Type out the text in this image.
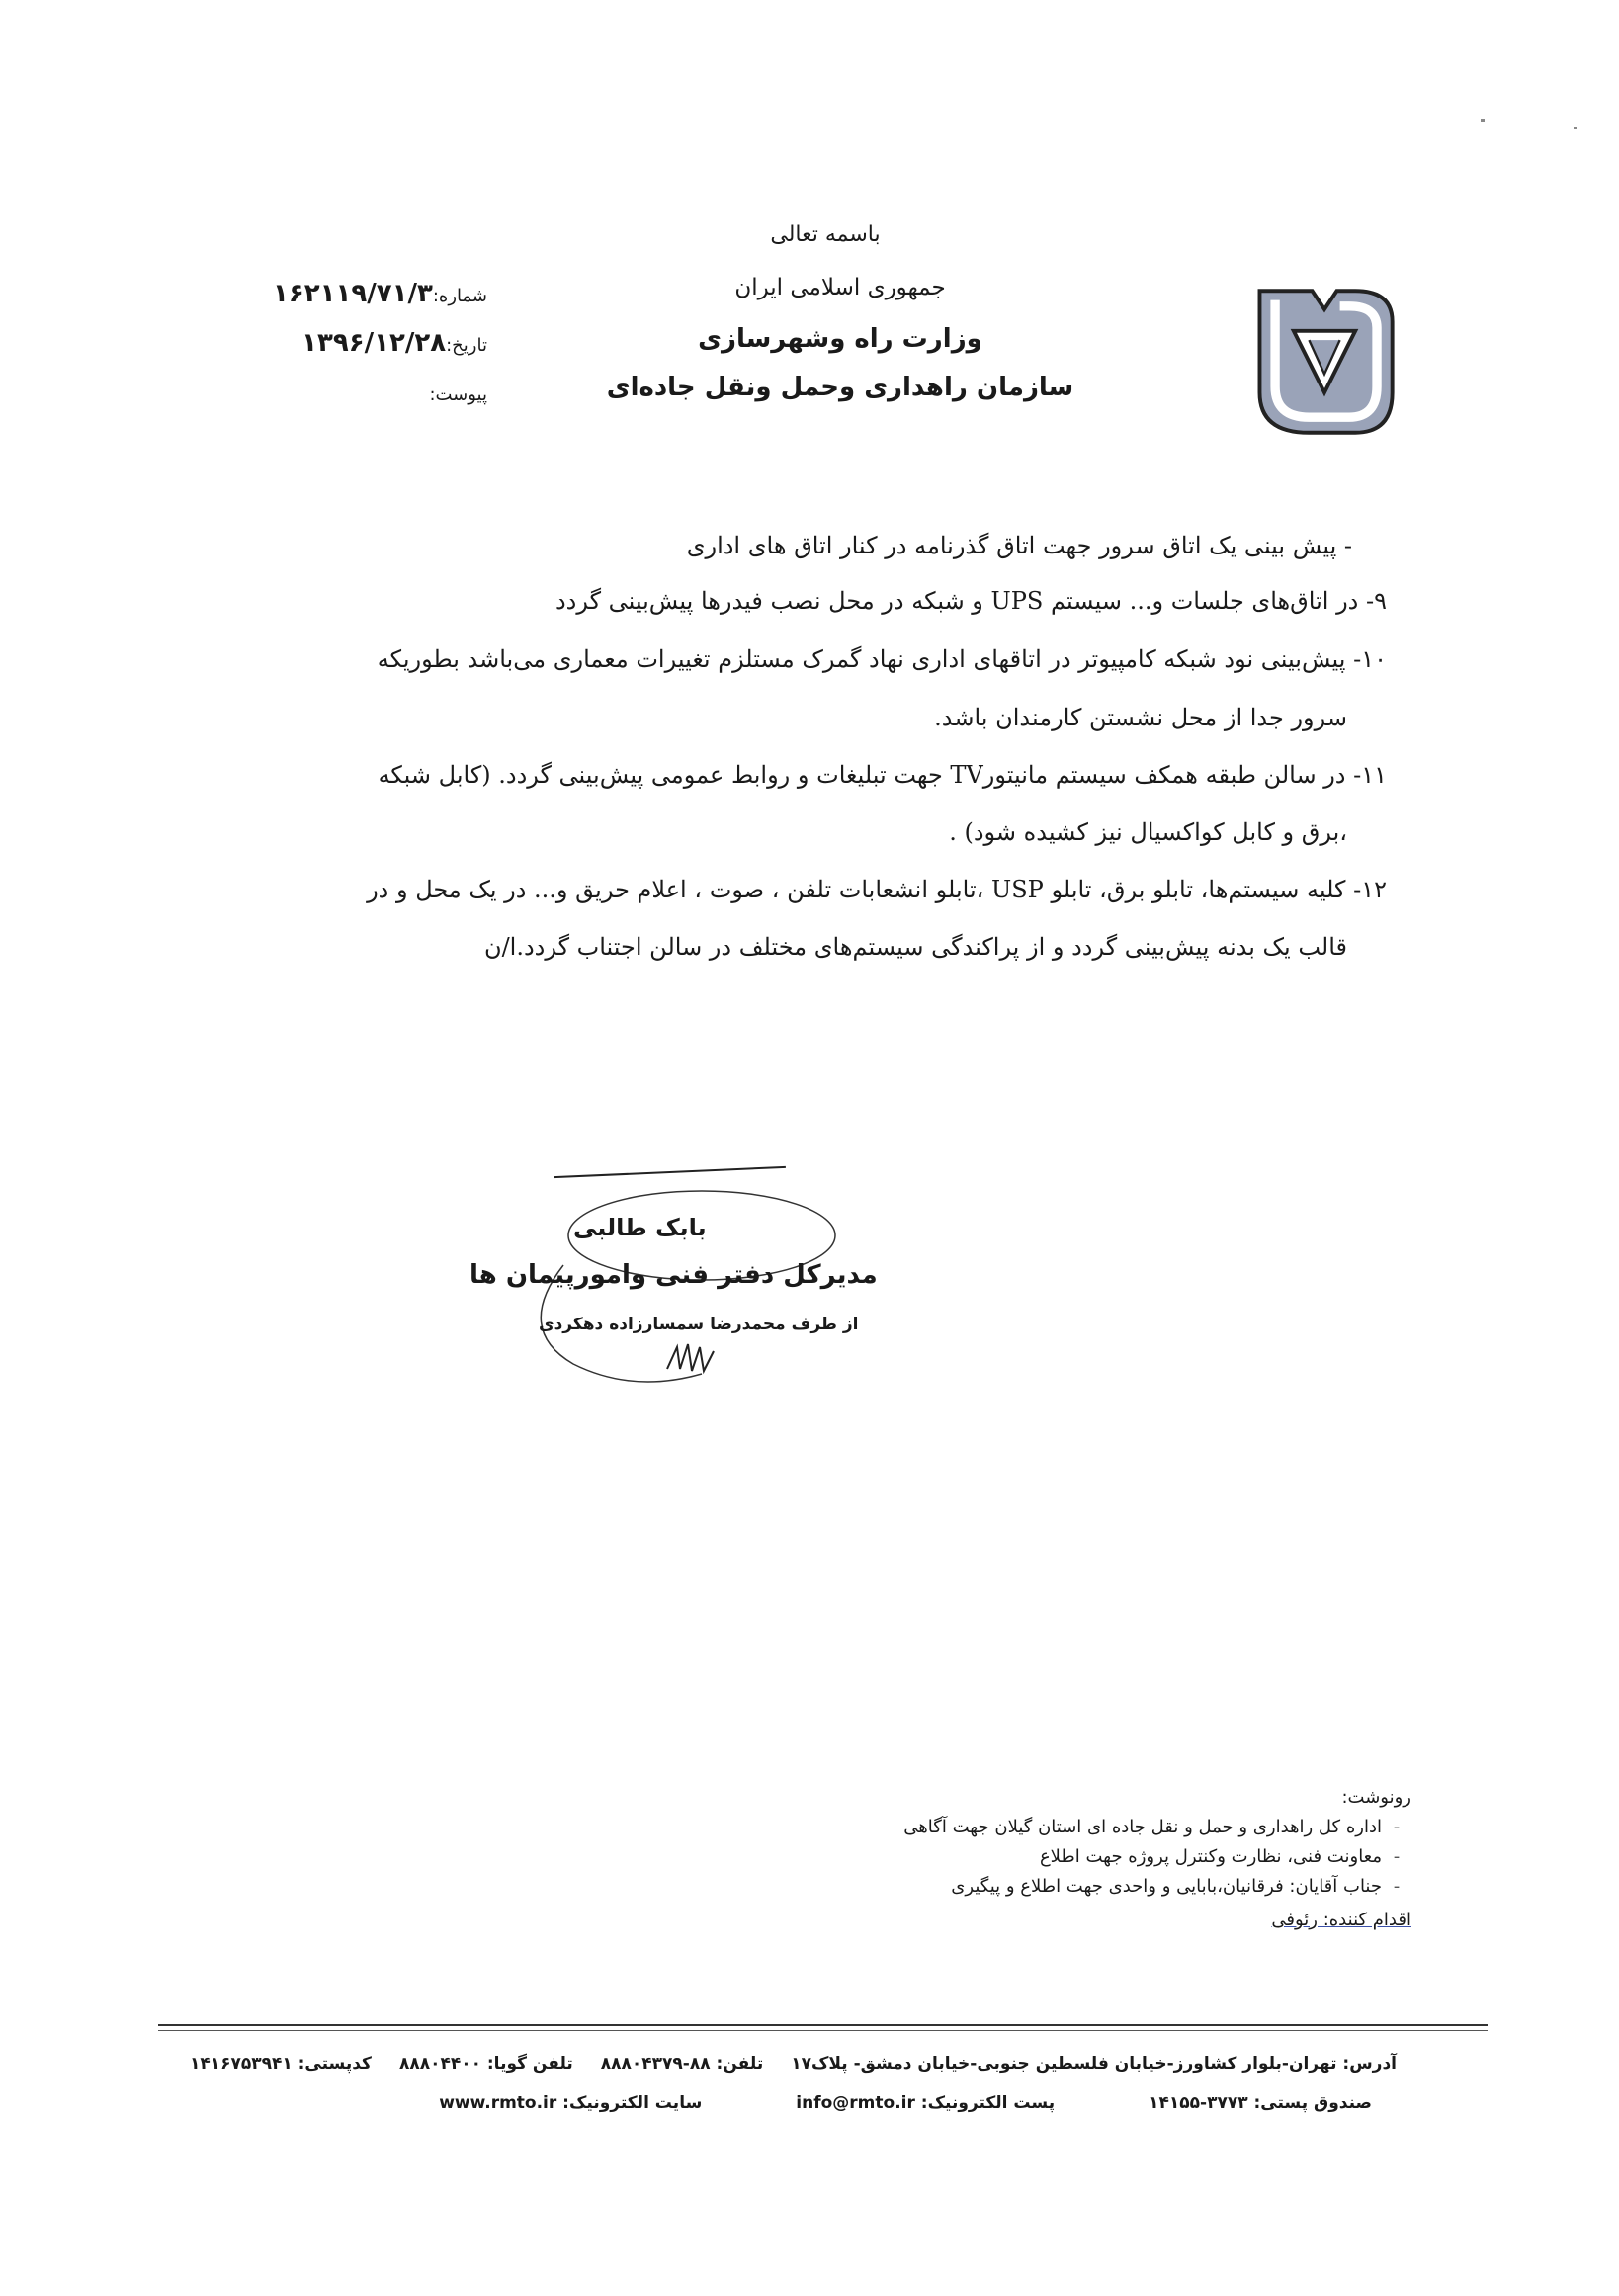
باسمه تعالی
جمهوری اسلامی ایران
وزارت راه وشهرسازی
سازمان راهداری وحمل ونقل جاده‌ای
شماره:۱۶۲۱۱۹/۷۱/۳
تاریخ:۱۳۹۶/۱۲/۲۸
پیوست:
- پیش بینی یک اتاق سرور جهت اتاق گذرنامه در کنار اتاق های اداری
۹- در اتاق‌های جلسات و... سیستم UPS و شبکه در محل نصب فیدرها پیش‌بینی گردد
۱۰- پیش‌بینی نود شبکه کامپیوتر در اتاقهای اداری نهاد گمرک مستلزم تغییرات معماری می‌باشد بطوریکه
سرور جدا از محل نشستن کارمندان باشد.
۱۱- در سالن طبقه همکف سیستم مانیتورTV جهت تبلیغات و روابط عمومی پیش‌بینی گردد. (کابل شبکه
،برق و کابل کواکسیال نیز کشیده شود) .
۱۲- کلیه سیستم‌ها، تابلو برق، تابلو USP ،تابلو انشعابات تلفن ، صوت ، اعلام حریق و... در یک محل و در
قالب یک بدنه پیش‌بینی گردد و از پراکندگی سیستم‌های مختلف در سالن اجتناب گردد.ا/ن
بابک طالبی
مدیرکل دفتر فنی وامورپیمان ها
از طرف محمدرضا سمسارزاده دهکردی
رونوشت:
-اداره کل راهداری و حمل و نقل جاده ای استان گیلان جهت آگاهی
-معاونت فنی، نظارت وکنترل پروژه جهت اطلاع
-جناب آقایان: فرقانیان،بابایی و واحدی جهت اطلاع و پیگیری
اقدام کننده: رئوفی
آدرس: تهران-بلوار کشاورز-خیابان فلسطین جنوبی-خیابان دمشق- پلاک۱۷تلفن: ۸۸-۸۸۸۰۴۳۷۹تلفن گویا: ۸۸۸۰۴۴۰۰کدپستی: ۱۴۱۶۷۵۳۹۴۱
صندوق پستی: ۳۷۷۳-۱۴۱۵۵پست الکترونیک: info@rmto.irسایت الکترونیک: www.rmto.ir
